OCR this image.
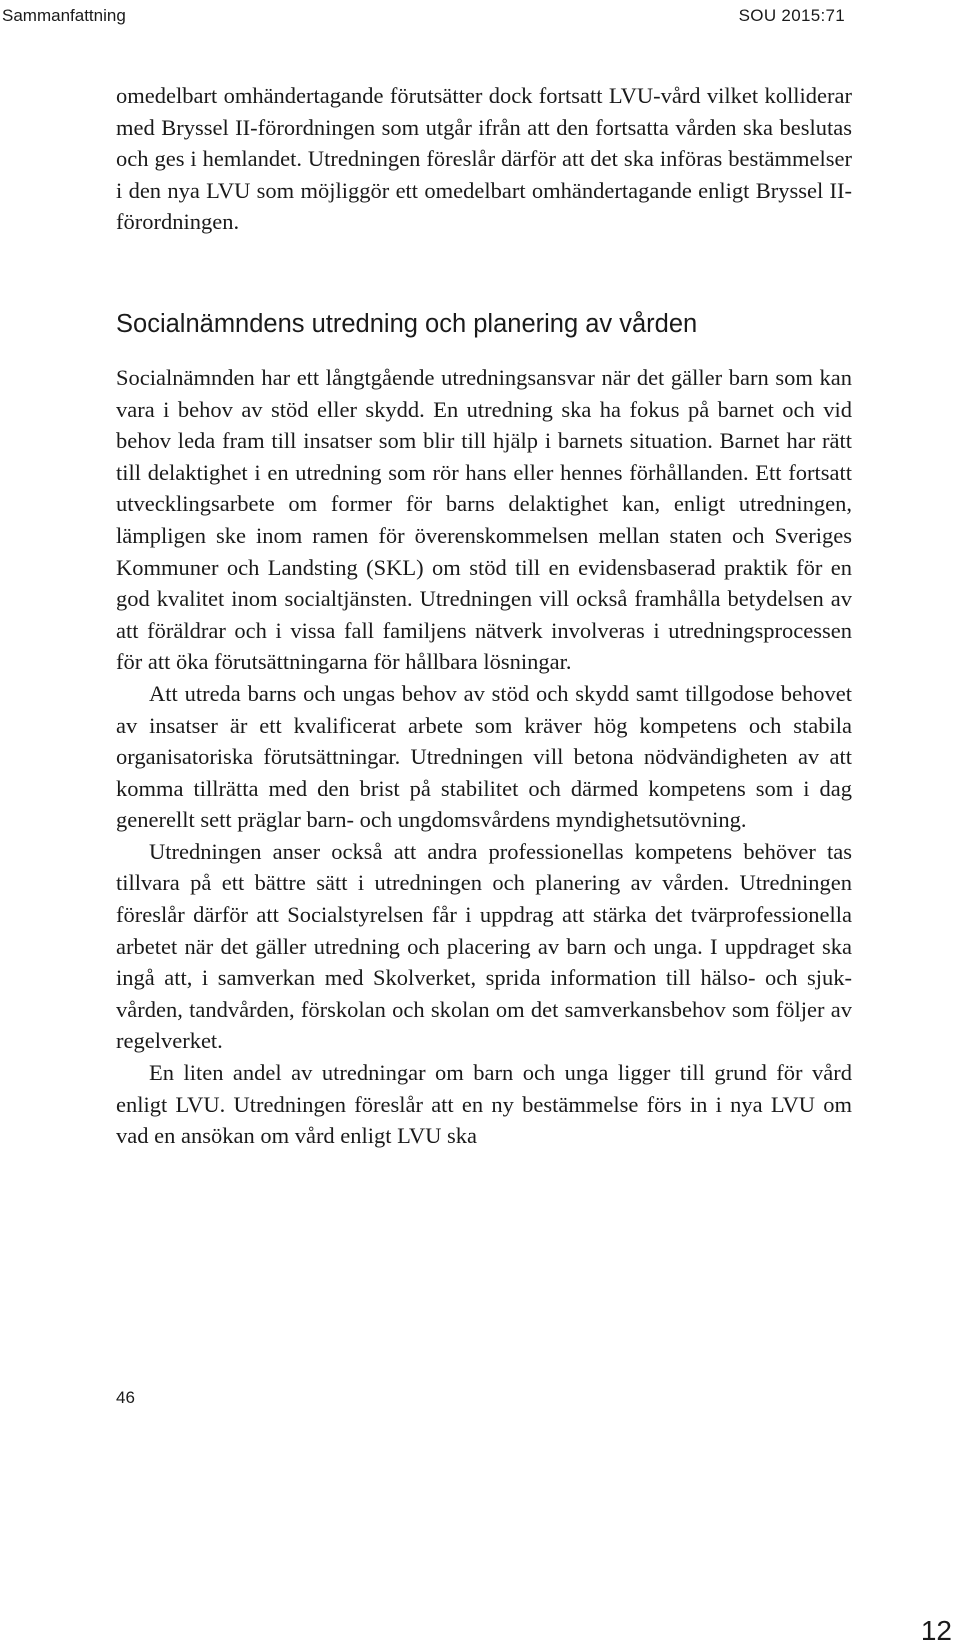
Sammanfattning	SOU 2015:71

omedelbart omhändertagande förutsätter dock fortsatt LVU-vård vilket kolliderar med Bryssel II-förordningen som utgår ifrån att den fortsatta vården ska beslutas och ges i hemlandet. Utredningen föreslår därför att det ska införas bestämmelser i den nya LVU som möjliggör ett omedelbart omhändertagande enligt Bryssel II-förordningen.

Socialnämndens utredning och planering av vården

Socialnämnden har ett långtgående utredningsansvar när det gäller barn som kan vara i behov av stöd eller skydd. En utredning ska ha fokus på barnet och vid behov leda fram till insatser som blir till hjälp i barnets situation. Barnet har rätt till delaktighet i en utredning som rör hans eller hennes förhållanden. Ett fortsatt utvecklingsarbete om former för barns delaktighet kan, enligt utredningen, lämpligen ske inom ramen för överenskommelsen mellan staten och Sveriges Kommuner och Landsting (SKL) om stöd till en evidensbaserad praktik för en god kvalitet inom socialtjänsten. Utredningen vill också framhålla betydelsen av att föräldrar och i vissa fall familjens nätverk involveras i utredningsprocessen för att öka förutsättningarna för hållbara lösningar.

Att utreda barns och ungas behov av stöd och skydd samt tillgodose behovet av insatser är ett kvalificerat arbete som kräver hög kompetens och stabila organisatoriska förutsättningar. Utredningen vill betona nödvändigheten av att komma tillrätta med den brist på stabilitet och därmed kompetens som i dag generellt sett präglar barn- och ungdomsvårdens myndighetsutövning.

Utredningen anser också att andra professionellas kompetens behöver tas tillvara på ett bättre sätt i utredningen och planering av vården. Utredningen föreslår därför att Socialstyrelsen får i uppdrag att stärka det tvärprofessionella arbetet när det gäller utredning och placering av barn och unga. I uppdraget ska ingå att, i samverkan med Skolverket, sprida information till hälso- och sjukvården, tandvården, förskolan och skolan om det samverkansbehov som följer av regelverket.

En liten andel av utredningar om barn och unga ligger till grund för vård enligt LVU. Utredningen föreslår att en ny bestämmelse förs in i nya LVU om vad en ansökan om vård enligt LVU ska

46
12
